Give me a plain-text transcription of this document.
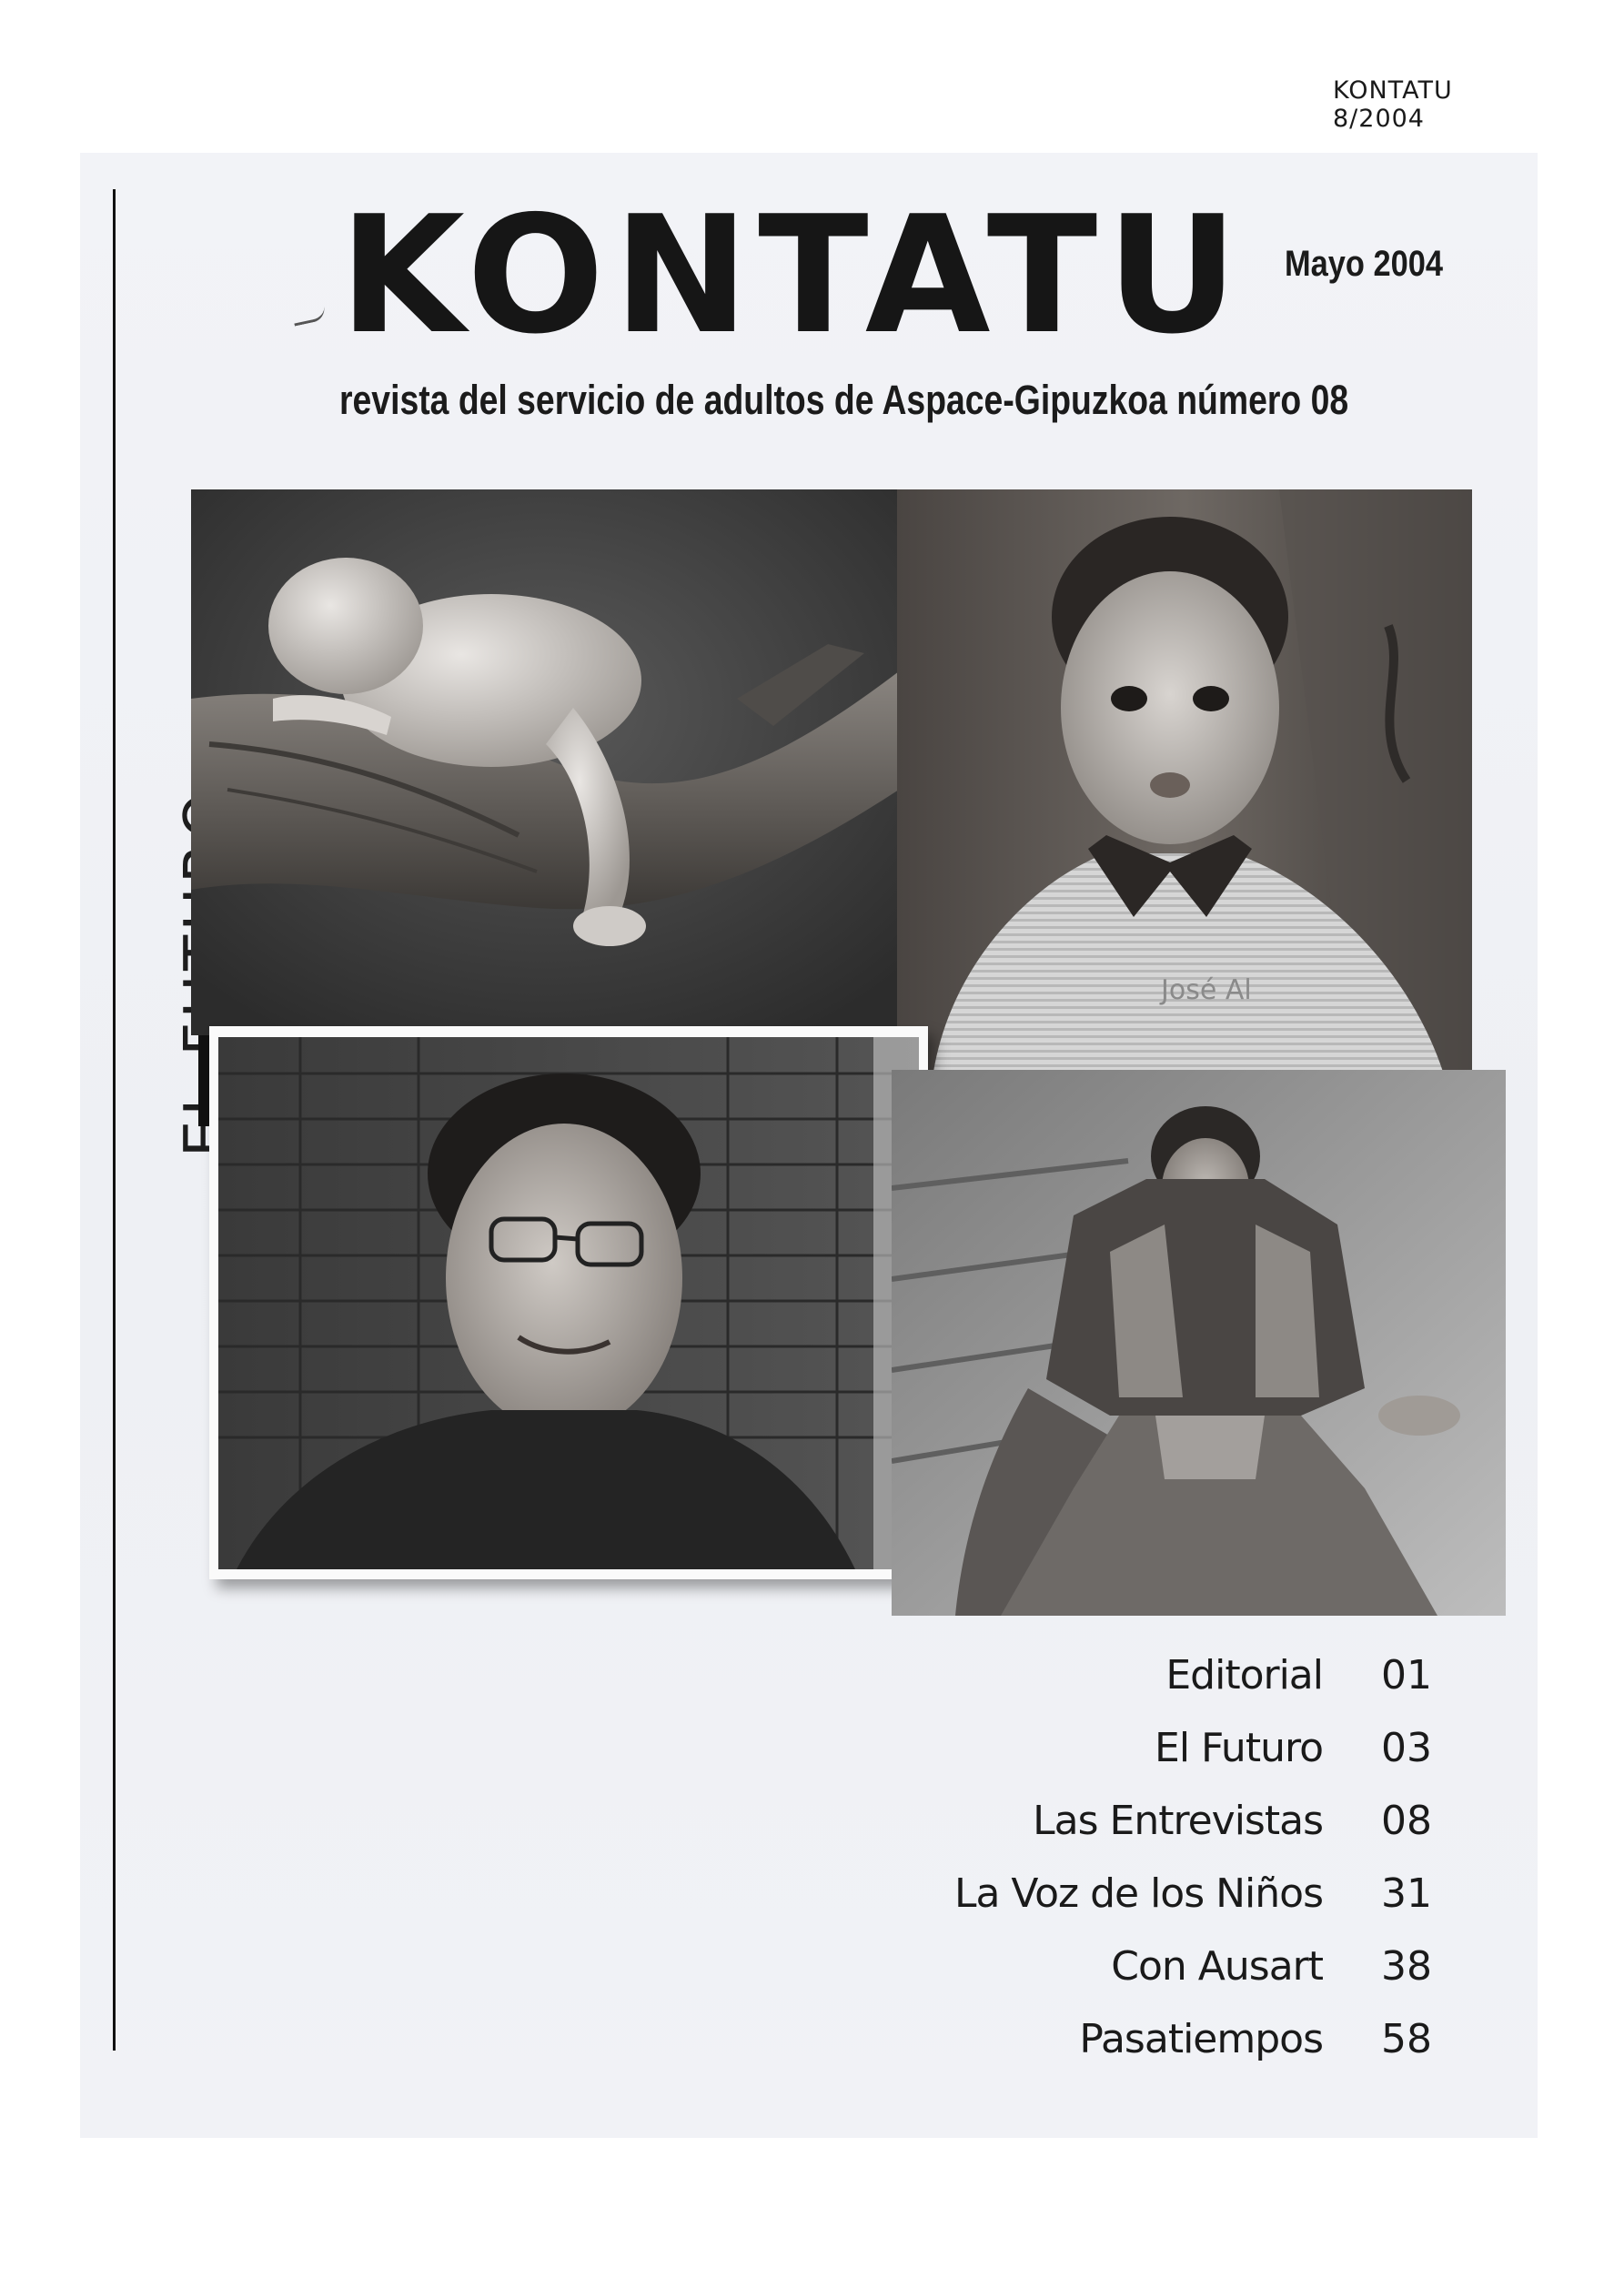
KONTATU 8/2004
KONTATU	Mayo 2004
revista del servicio de adultos de Aspace-Gipuzkoa número 08
José Al
Editorial 01
El Futuro 03
Las Entrevistas 08
La Voz de los Niños 31
Con Ausart 38
Pasatiempos 58
